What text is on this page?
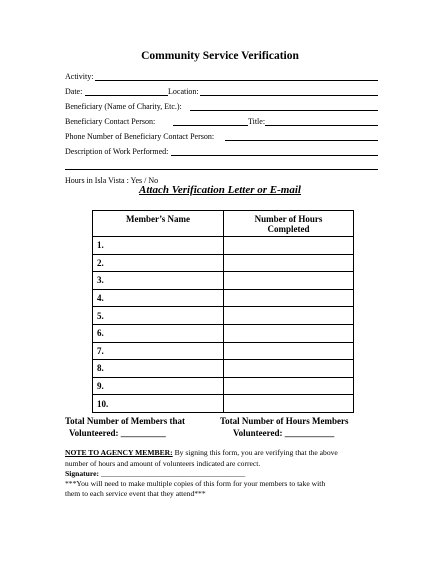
Community Service Verification
Activity:
Date:	Location:
Beneficiary (Name of Charity, Etc.):
Beneficiary Contact Person:	Title:
Phone Number of Beneficiary Contact Person:
Description of Work Performed:
Hours in Isla Vista : Yes / No
Attach Verification Letter or E-mail
Member’s Name	Number of Hours
Completed
1.	
2.	
3.	
4.	
5.	
6.	
7.	
8.	
9.	
10.	
Total Number of Members that
Volunteered: __________
Total Number of Hours Members
Volunteered: ___________
NOTE TO AGENCY MEMBER: By signing this form, you are verifying that the above
number of hours and amount of volunteers indicated are correct.
Signature: ______________________________________
***You will need to make multiple copies of this form for your members to take with
them to each service event that they attend***
